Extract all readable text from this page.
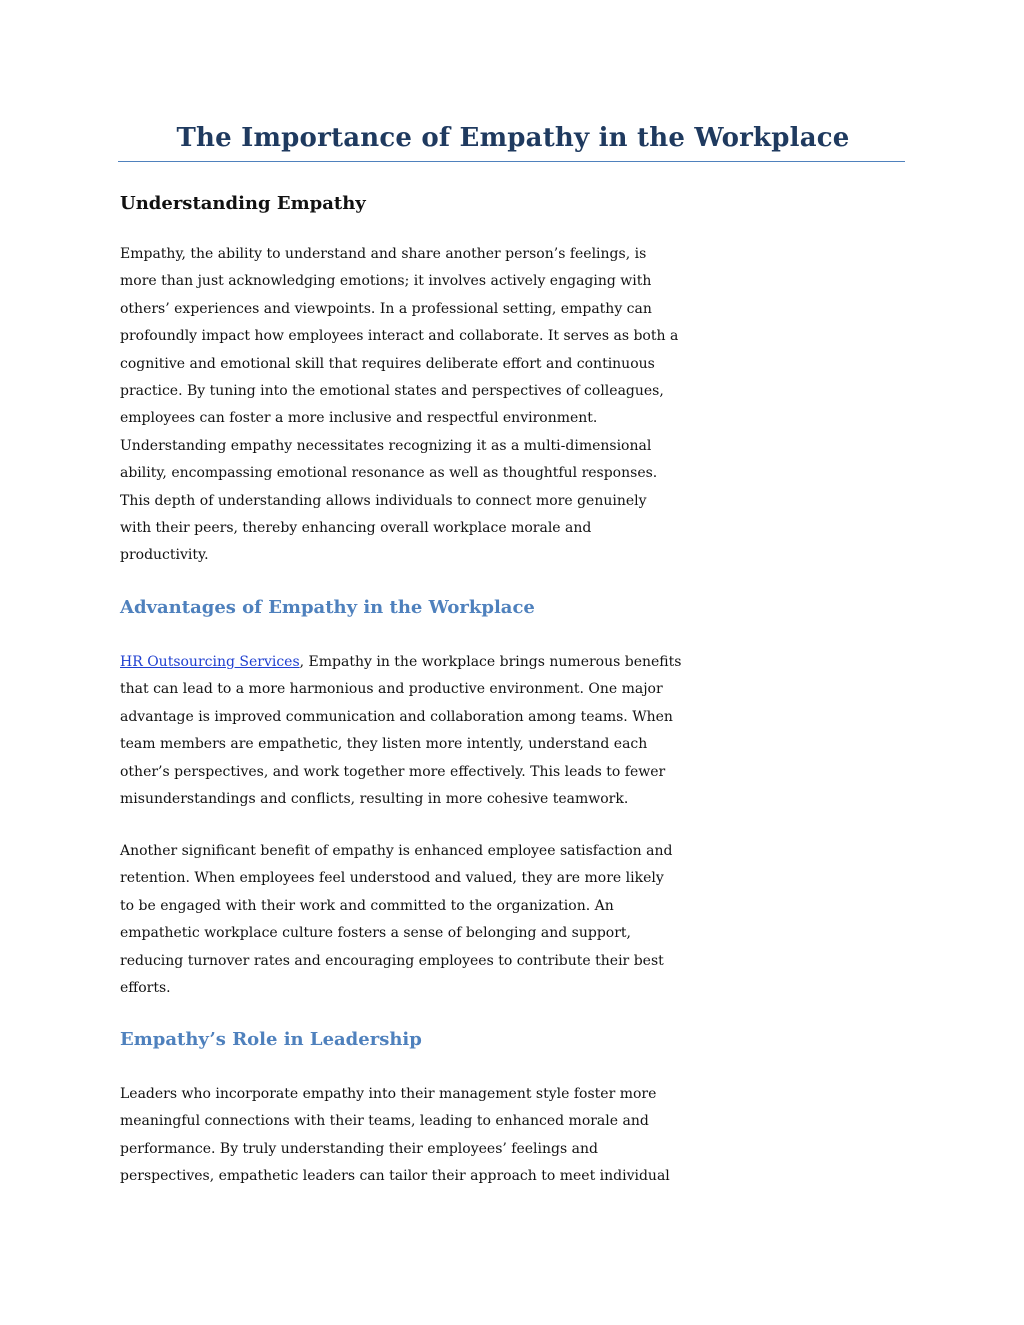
The Importance of Empathy in the Workplace
Understanding Empathy

Empathy, the ability to understand and share another person’s feelings, is
more than just acknowledging emotions; it involves actively engaging with
others’ experiences and viewpoints. In a professional setting, empathy can
profoundly impact how employees interact and collaborate. It serves as both a
cognitive and emotional skill that requires deliberate effort and continuous
practice. By tuning into the emotional states and perspectives of colleagues,
employees can foster a more inclusive and respectful environment.
Understanding empathy necessitates recognizing it as a multi-dimensional
ability, encompassing emotional resonance as well as thoughtful responses.
This depth of understanding allows individuals to connect more genuinely
with their peers, thereby enhancing overall workplace morale and
productivity.

Advantages of Empathy in the Workplace

HR Outsourcing Services, Empathy in the workplace brings numerous benefits
that can lead to a more harmonious and productive environment. One major
advantage is improved communication and collaboration among teams. When
team members are empathetic, they listen more intently, understand each
other’s perspectives, and work together more effectively. This leads to fewer
misunderstandings and conflicts, resulting in more cohesive teamwork.

Another significant benefit of empathy is enhanced employee satisfaction and
retention. When employees feel understood and valued, they are more likely
to be engaged with their work and committed to the organization. An
empathetic workplace culture fosters a sense of belonging and support,
reducing turnover rates and encouraging employees to contribute their best
efforts.

Empathy’s Role in Leadership

Leaders who incorporate empathy into their management style foster more
meaningful connections with their teams, leading to enhanced morale and
performance. By truly understanding their employees’ feelings and
perspectives, empathetic leaders can tailor their approach to meet individual
